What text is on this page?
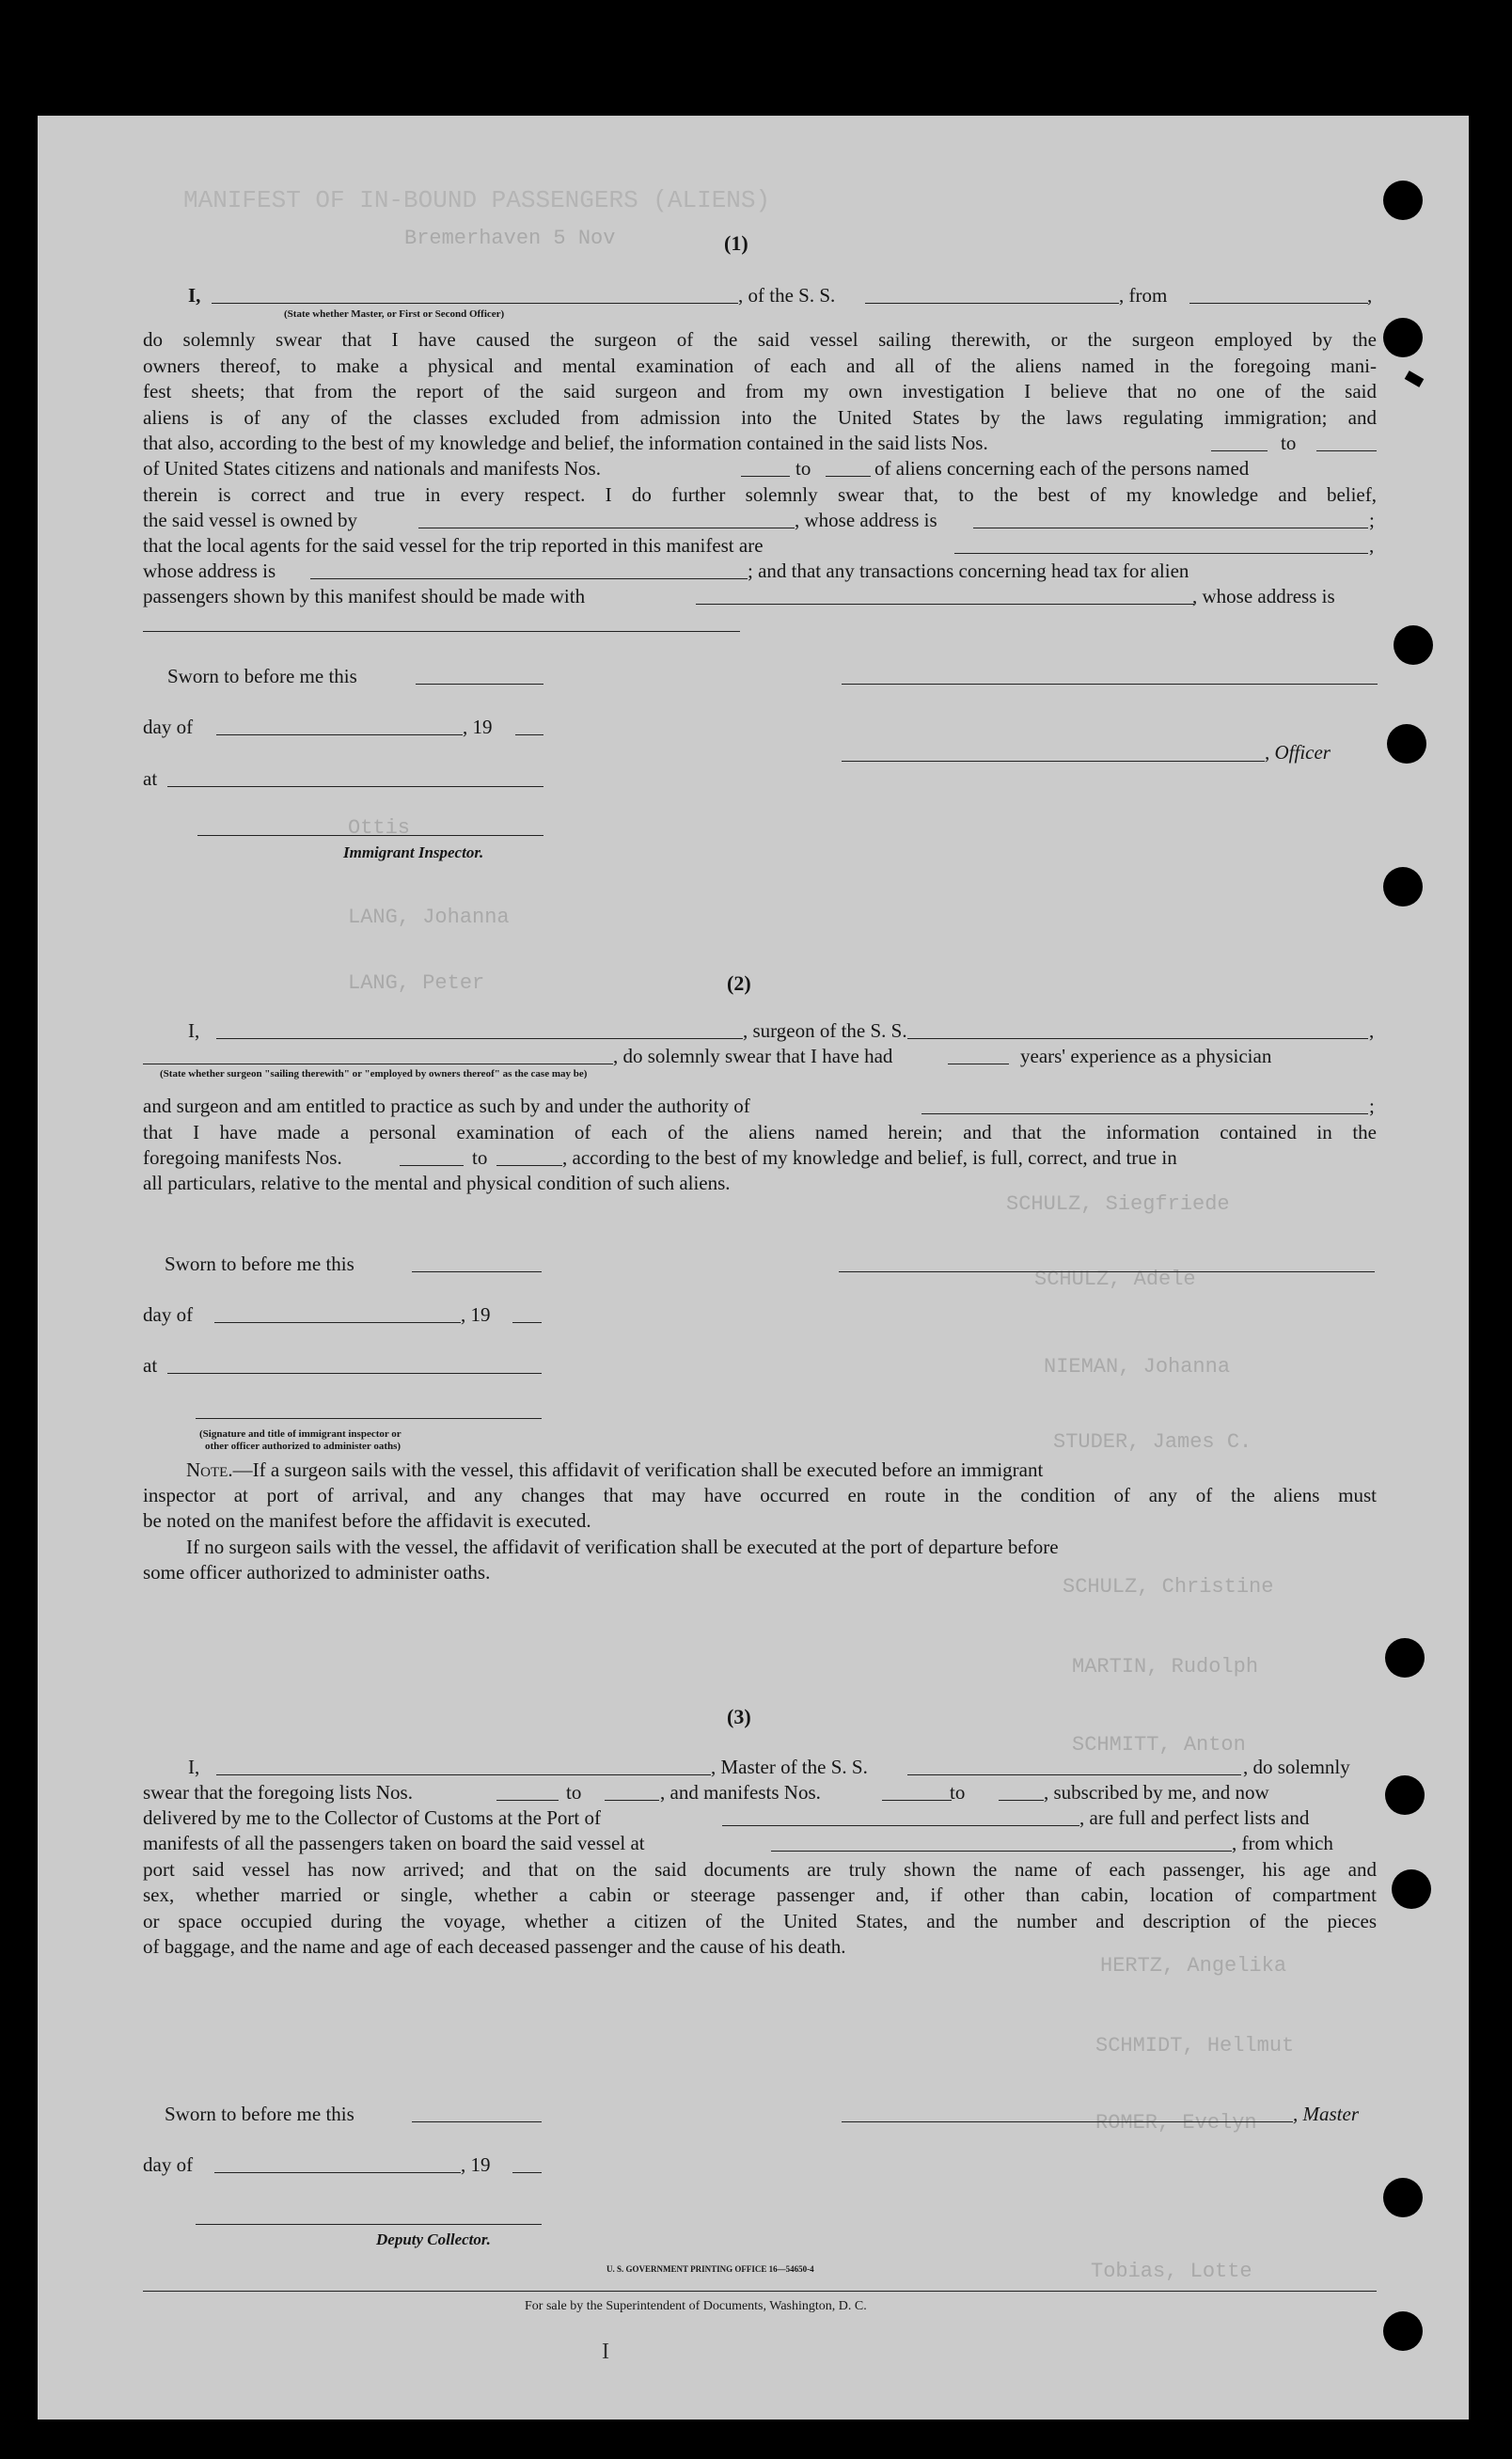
MANIFEST OF IN-BOUND PASSENGERS (ALIENS)
Bremerhaven 5 Nov
Ottis
LANG, Johanna
LANG, Peter
SCHULZ, Siegfriede
SCHULZ, Adele
NIEMAN, Johanna
STUDER, James C.
SCHULZ, Christine
MARTIN, Rudolph
SCHMITT, Anton
HERTZ, Angelika
SCHMIDT, Hellmut
ROMER, Evelyn
Tobias, Lotte
(1)
I,	, of the S. S.	, from	,
(State whether Master, or First or Second Officer)
do solemnly swear that I have caused the surgeon of the said vessel sailing therewith, or the surgeon employed by the
owners thereof, to make a physical and mental examination of each and all of the aliens named in the foregoing mani-
fest sheets; that from the report of the said surgeon and from my own investigation I believe that no one of the said
aliens is of any of the classes excluded from admission into the United States by the laws regulating immigration; and
that also, according to the best of my knowledge and belief, the information contained in the said lists Nos.	to
of United States citizens and nationals and manifests Nos.	to	of aliens concerning each of the persons named
therein is correct and true in every respect. I do further solemnly swear that, to the best of my knowledge and belief,
the said vessel is owned by	, whose address is	;
that the local agents for the said vessel for the trip reported in this manifest are	,
whose address is	; and that any transactions concerning head tax for alien
passengers shown by this manifest should be made with	, whose address is
Sworn to before me this
day of	, 19
at
, Officer
Immigrant Inspector.
(2)
I,	, surgeon of the S. S.	,
, do solemnly swear that I have had	years' experience as a physician
(State whether surgeon "sailing therewith" or "employed by owners thereof" as the case may be)
and surgeon and am entitled to practice as such by and under the authority of	;
that I have made a personal examination of each of the aliens named herein; and that the information contained in the
foregoing manifests Nos.	to	, according to the best of my knowledge and belief, is full, correct, and true in
all particulars, relative to the mental and physical condition of such aliens.
Sworn to before me this
day of	, 19
at
(Signature and title of immigrant inspector or
other officer authorized to administer oaths)
Note.—If a surgeon sails with the vessel, this affidavit of verification shall be executed before an immigrant
inspector at port of arrival, and any changes that may have occurred en route in the condition of any of the aliens must
be noted on the manifest before the affidavit is executed.
If no surgeon sails with the vessel, the affidavit of verification shall be executed at the port of departure before
some officer authorized to administer oaths.
(3)
I,	, Master of the S. S.	, do solemnly
swear that the foregoing lists Nos.	to	, and manifests Nos.	to	, subscribed by me, and now
delivered by me to the Collector of Customs at the Port of	, are full and perfect lists and
manifests of all the passengers taken on board the said vessel at	, from which
port said vessel has now arrived; and that on the said documents are truly shown the name of each passenger, his age and
sex, whether married or single, whether a cabin or steerage passenger and, if other than cabin, location of compartment
or space occupied during the voyage, whether a citizen of the United States, and the number and description of the pieces
of baggage, and the name and age of each deceased passenger and the cause of his death.
Sworn to before me this	, Master
day of	, 19
Deputy Collector.
U. S. GOVERNMENT PRINTING OFFICE 16—54650-4
For sale by the Superintendent of Documents, Washington, D. C.
I
